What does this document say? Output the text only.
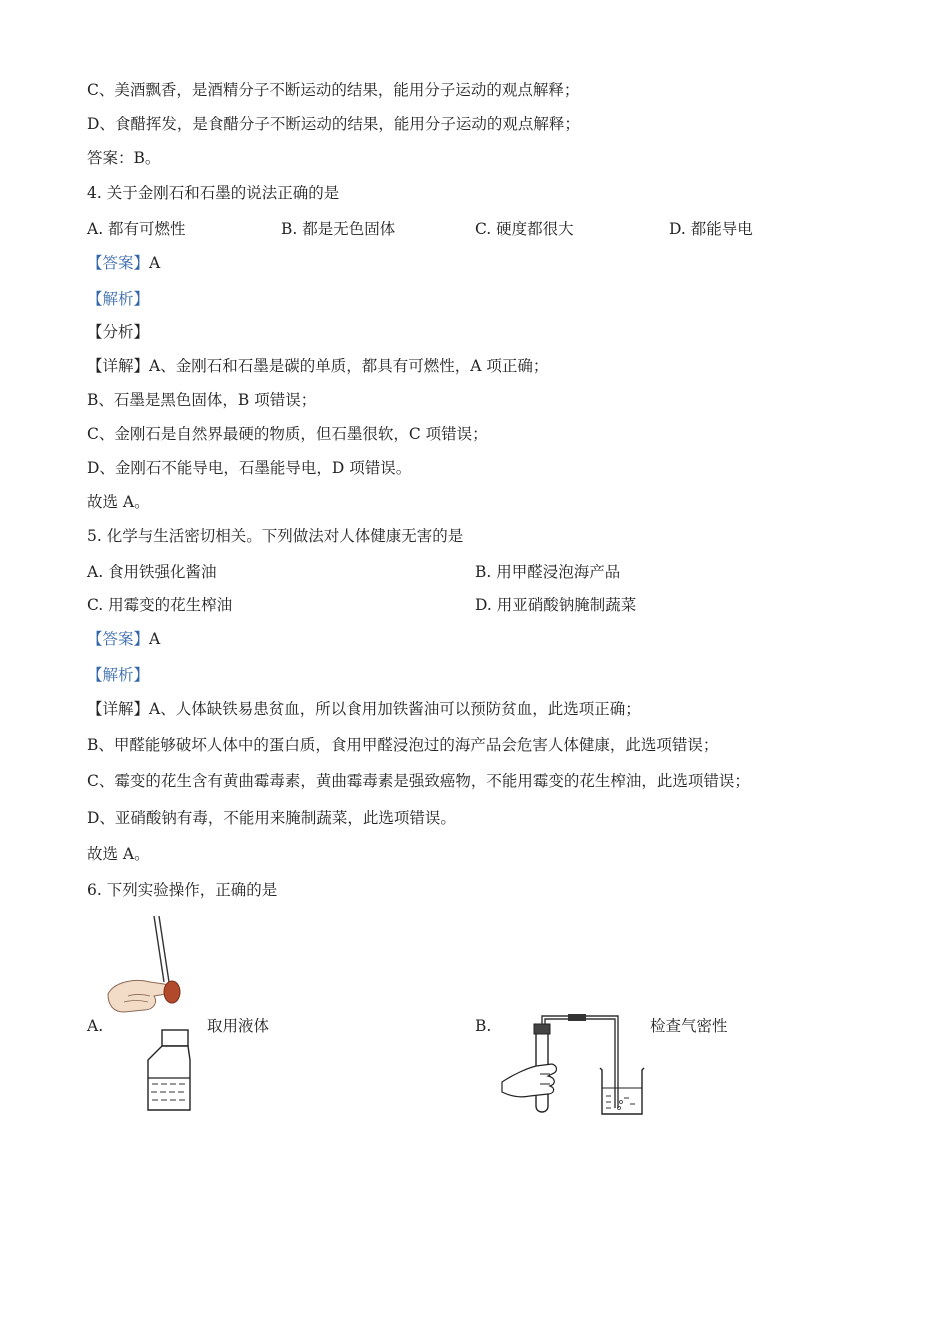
C、美酒飘香，是酒精分子不断运动的结果，能用分子运动的观点解释；
D、食醋挥发，是食醋分子不断运动的结果，能用分子运动的观点解释；
答案：B。
4. 关于金刚石和石墨的说法正确的是
A. 都有可燃性	B. 都是无色固体	C. 硬度都很大	D. 都能导电
【答案】A
【解析】
【分析】
【详解】A、金刚石和石墨是碳的单质，都具有可燃性，A 项正确；
B、石墨是黑色固体，B 项错误；
C、金刚石是自然界最硬的物质，但石墨很软，C 项错误；
D、金刚石不能导电，石墨能导电，D 项错误。
故选 A。
5. 化学与生活密切相关。下列做法对人体健康无害的是
A. 食用铁强化酱油	B. 用甲醛浸泡海产品
C. 用霉变的花生榨油	D. 用亚硝酸钠腌制蔬菜
【答案】A
【解析】
【详解】A、人体缺铁易患贫血，所以食用加铁酱油可以预防贫血，此选项正确；
B、甲醛能够破坏人体中的蛋白质，食用甲醛浸泡过的海产品会危害人体健康，此选项错误；
C、霉变的花生含有黄曲霉毒素，黄曲霉毒素是强致癌物，不能用霉变的花生榨油，此选项错误；
D、亚硝酸钠有毒，不能用来腌制蔬菜，此选项错误。
故选 A。
6. 下列实验操作，正确的是
A.	取用液体	B.	检查气密性
